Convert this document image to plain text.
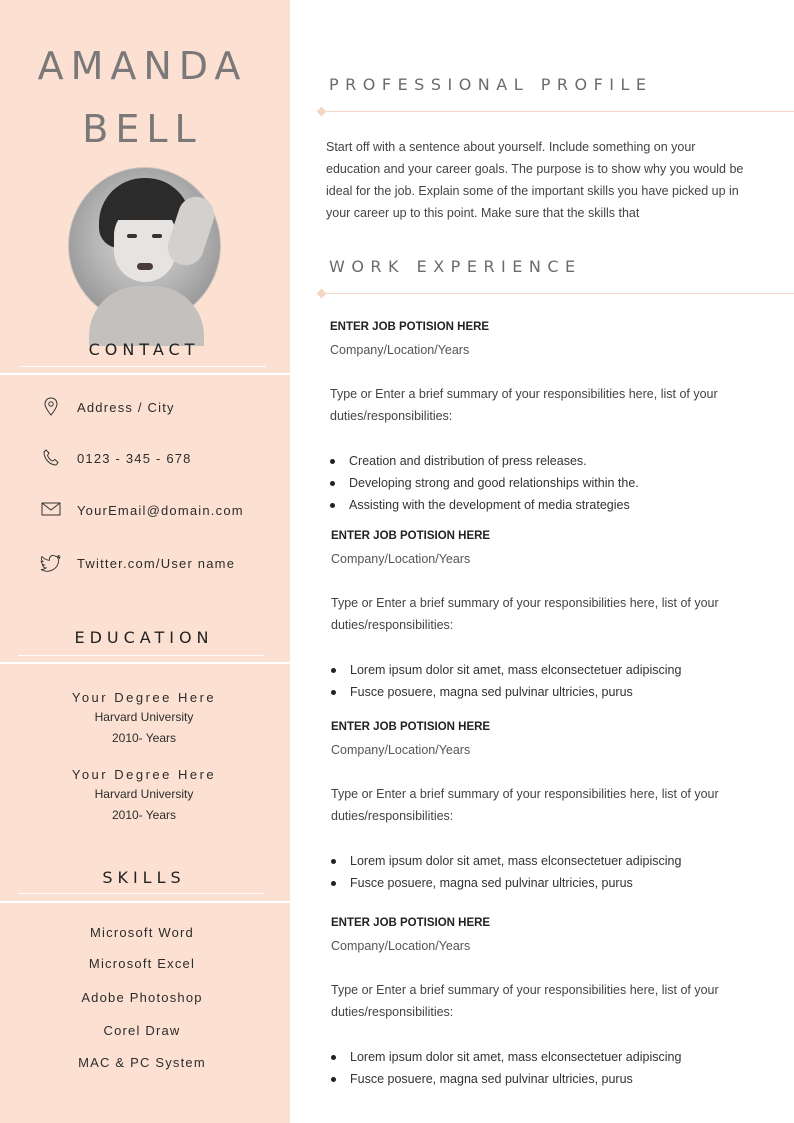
AMANDA
BELL
CONTACT
Address / City
0123 - 345 - 678
YourEmail@domain.com
Twitter.com/User name
EDUCATION
Your Degree Here
Harvard University
2010- Years
Your Degree Here
Harvard University
2010- Years
SKILLS
Microsoft Word
Microsoft Excel
Adobe Photoshop
Corel Draw
MAC & PC System
PROFESSIONAL PROFILE
Start off with a sentence about yourself. Include something on your education and your career goals. The purpose is to show why you would be ideal for the job. Explain some of the important skills you have picked up in your career up to this point. Make sure that the skills that
WORK EXPERIENCE
ENTER JOB POTISION HERE
Company/Location/Years
Type or Enter a brief summary of your responsibilities here, list of your duties/responsibilities:
Creation and distribution of press releases.
Developing strong and good relationships within the.
Assisting with the development of media strategies
ENTER JOB POTISION HERE
Company/Location/Years
Type or Enter a brief summary of your responsibilities here, list of your duties/responsibilities:
Lorem ipsum dolor sit amet, mass elconsectetuer adipiscing
Fusce posuere, magna sed pulvinar ultricies, purus
ENTER JOB POTISION HERE
Company/Location/Years
Type or Enter a brief summary of your responsibilities here, list of your duties/responsibilities:
Lorem ipsum dolor sit amet, mass elconsectetuer adipiscing
Fusce posuere, magna sed pulvinar ultricies, purus
ENTER JOB POTISION HERE
Company/Location/Years
Type or Enter a brief summary of your responsibilities here, list of your duties/responsibilities:
Lorem ipsum dolor sit amet, mass elconsectetuer adipiscing
Fusce posuere, magna sed pulvinar ultricies, purus
